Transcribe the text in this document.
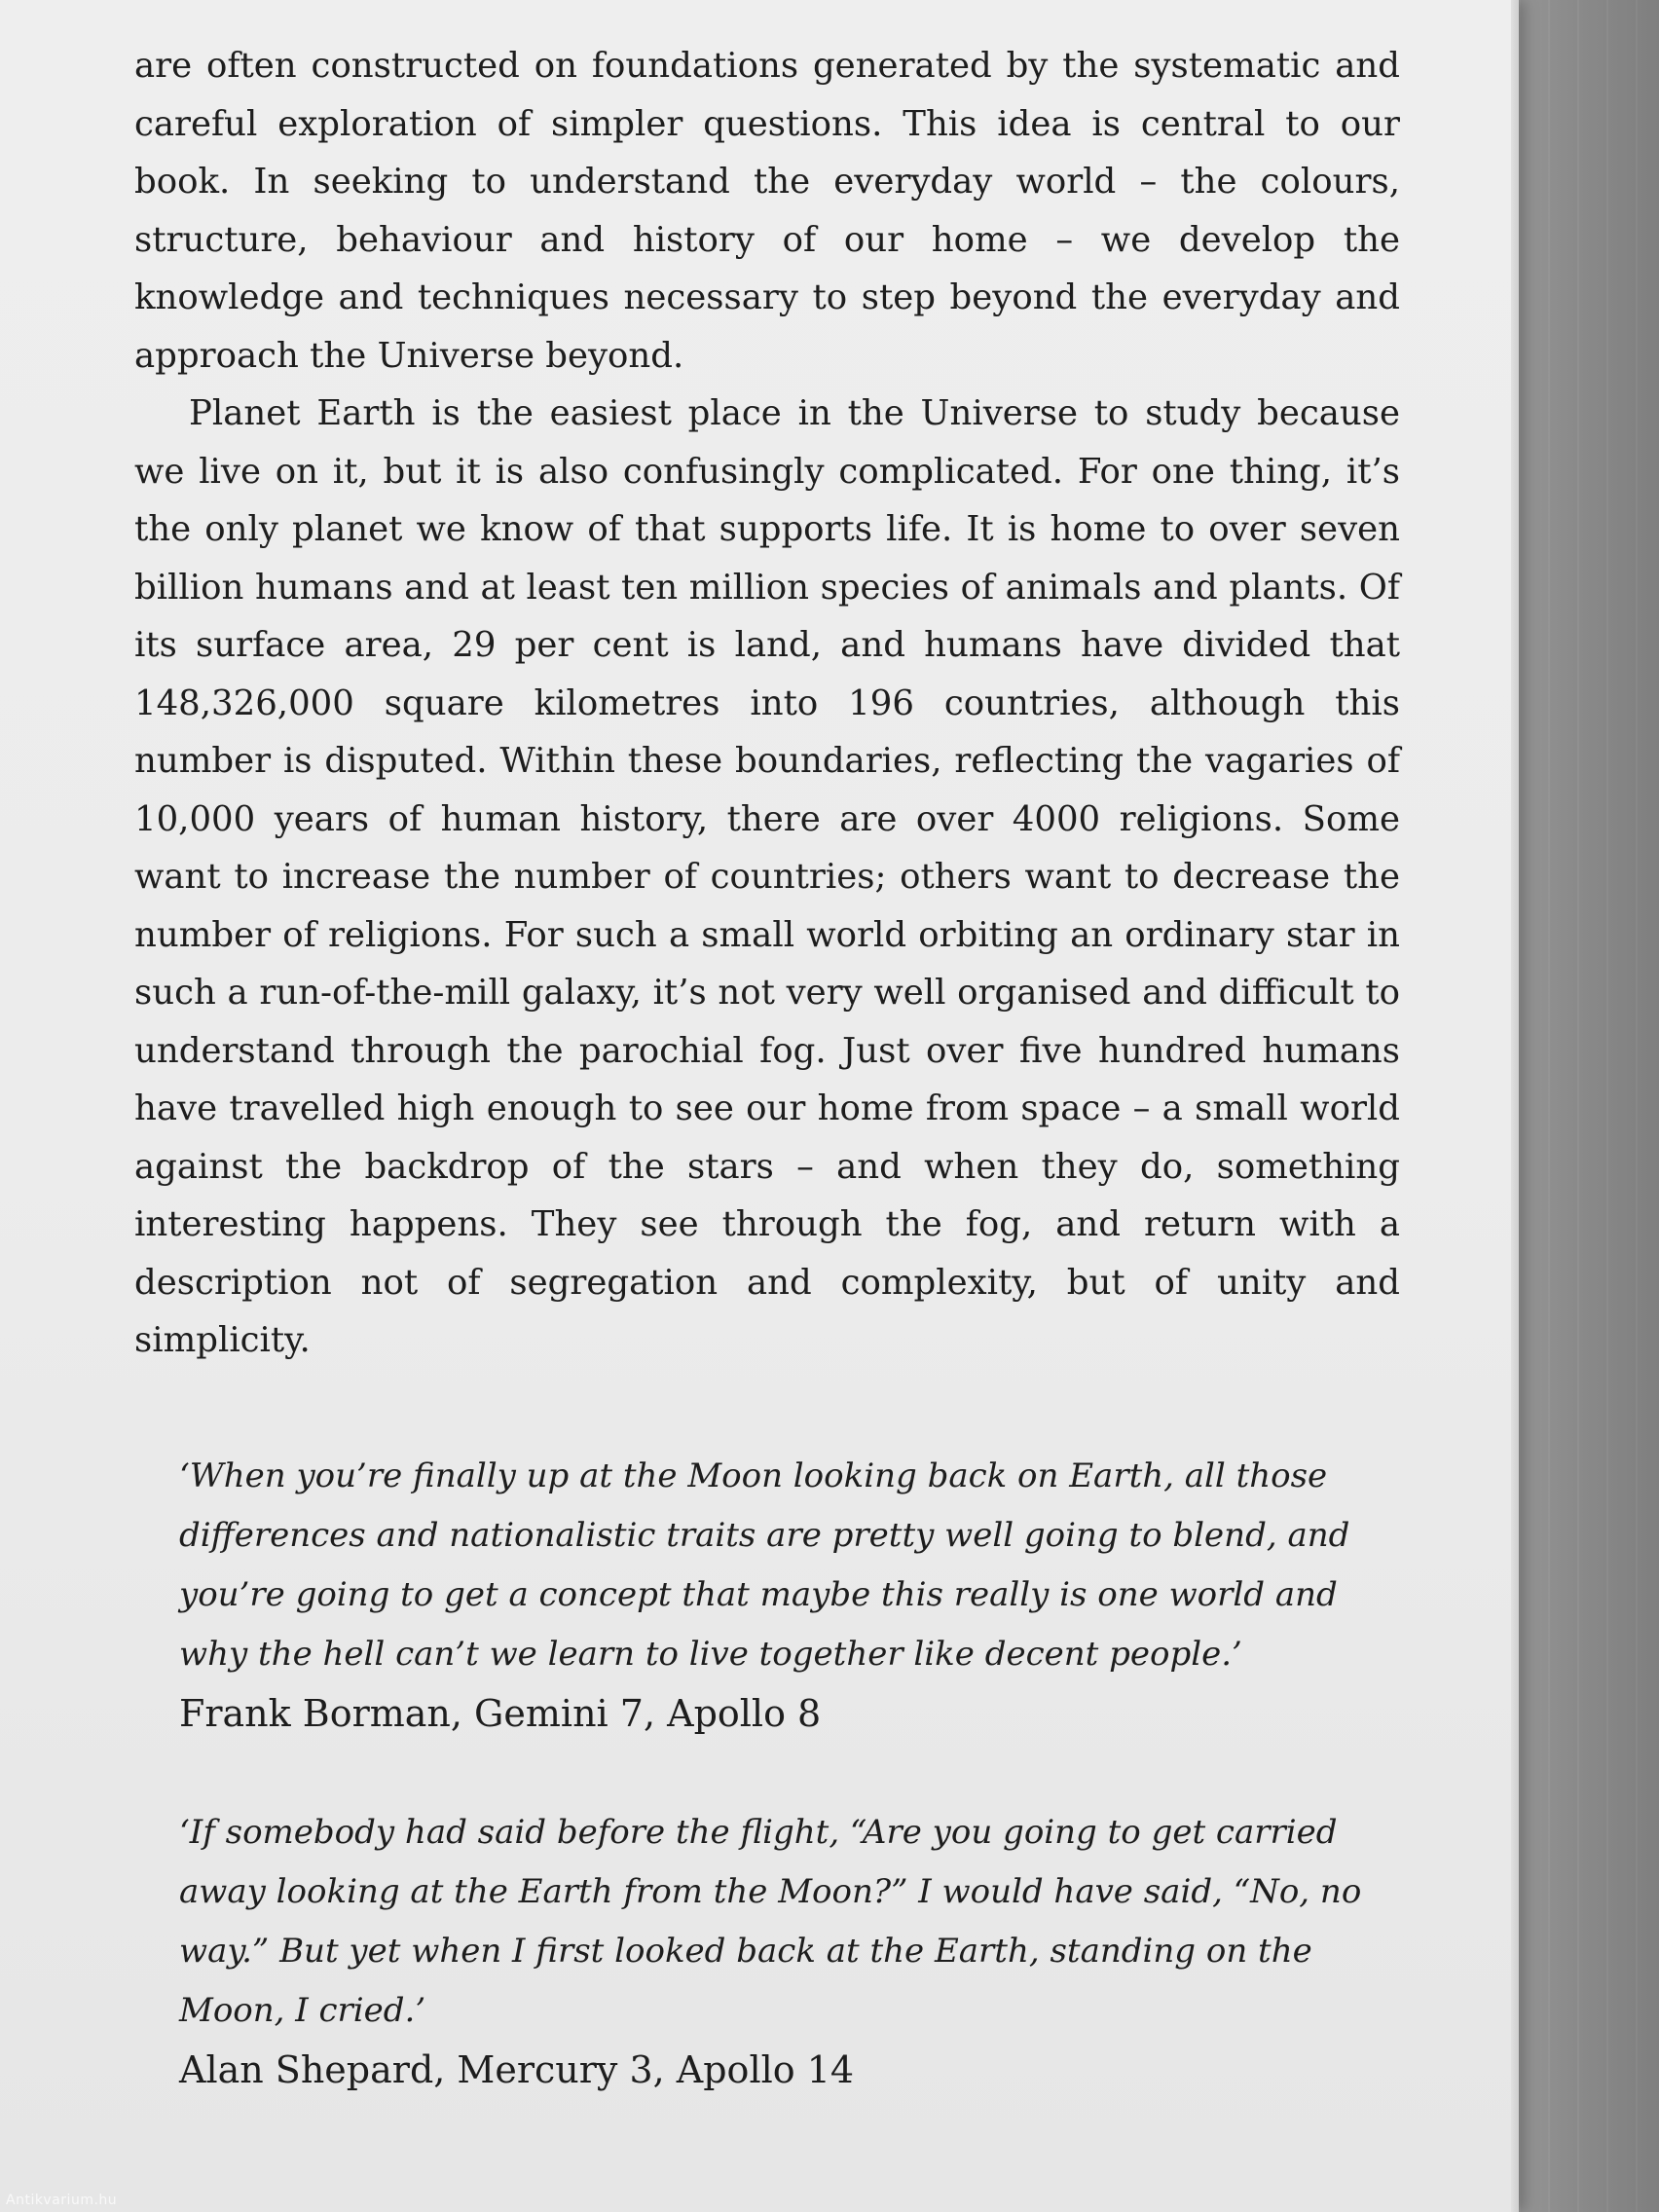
are often constructed on foundations generated by the systematic and careful exploration of simpler questions. This idea is central to our book. In seeking to understand the everyday world – the colours, structure, behaviour and history of our home – we develop the knowledge and techniques necessary to step beyond the everyday and approach the Universe beyond.

Planet Earth is the easiest place in the Universe to study because we live on it, but it is also confusingly complicated. For one thing, it’s the only planet we know of that supports life. It is home to over seven billion humans and at least ten million species of animals and plants. Of its surface area, 29 per cent is land, and humans have divided that 148,326,000 square kilometres into 196 countries, although this number is disputed. Within these boundaries, reflecting the vagaries of 10,000 years of human history, there are over 4000 religions. Some want to increase the number of countries; others want to decrease the number of religions. For such a small world orbiting an ordinary star in such a run-of-the-mill galaxy, it’s not very well organised and difficult to understand through the parochial fog. Just over five hundred humans have travelled high enough to see our home from space – a small world against the backdrop of the stars – and when they do, something interesting happens. They see through the fog, and return with a description not of segregation and complexity, but of unity and simplicity.

‘When you’re finally up at the Moon looking back on Earth, all those differences and nationalistic traits are pretty well going to blend, and you’re going to get a concept that maybe this really is one world and why the hell can’t we learn to live together like decent people.’

Frank Borman, Gemini 7, Apollo 8

‘If somebody had said before the flight, “Are you going to get carried away looking at the Earth from the Moon?” I would have said, “No, no way.” But yet when I first looked back at the Earth, standing on the Moon, I cried.’

Alan Shepard, Mercury 3, Apollo 14

Antikvarium.hu
